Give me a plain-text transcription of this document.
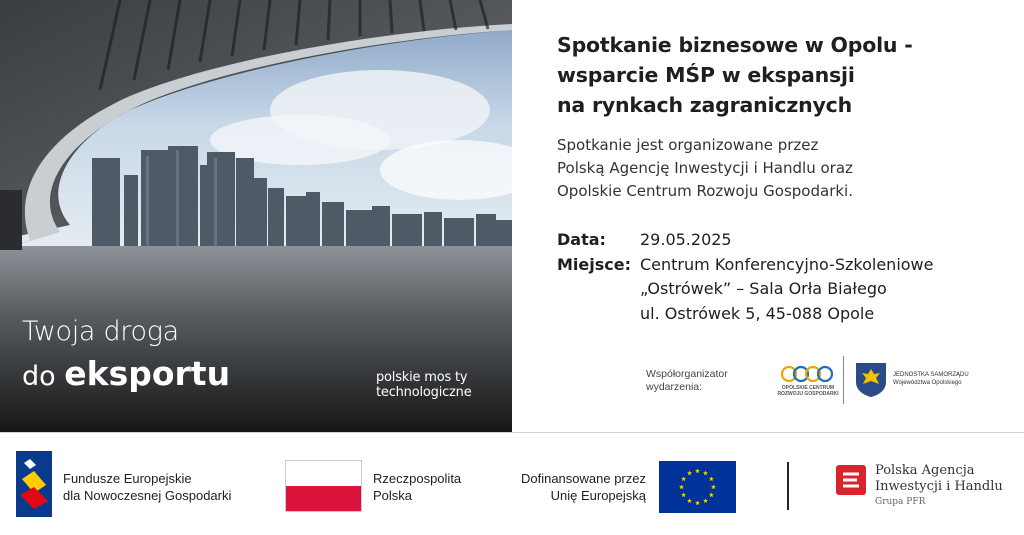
Twoja droga
do eksportu	polskie mos ty
technologiczne
Spotkanie biznesowe w Opolu -
wsparcie MŚP w ekspansji
na rynkach zagranicznych
Spotkanie jest organizowane przez
Polską Agencję Inwestycji i Handlu oraz
Opolskie Centrum Rozwoju Gospodarki.
Data:	29.05.2025
Miejsce: Centrum Konferencyjno-Szkoleniowe
„Ostrówek” – Sala Orła Białego
ul. Ostrówek 5, 45-088 Opole
Współorganizator
wydarzenia:	OPOLSKIE CENTRUM
ROZWOJU GOSPODARKI
JEDNOSTKA SAMORZĄDU
Województwa Opolskiego
Fundusze Europejskie
dla Nowoczesnej Gospodarki
Rzeczpospolita
Polska
Dofinansowane przez
Unię Europejską
Polska Agencja
Inwestycji i Handlu
Grupa PFR
